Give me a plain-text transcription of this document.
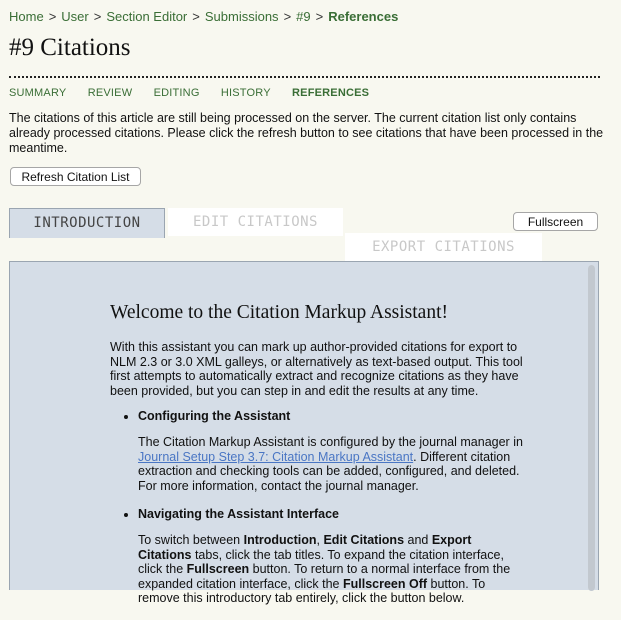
Home > User > Section Editor > Submissions > #9 > References
#9 Citations
SUMMARY REVIEW EDITING HISTORY REFERENCES

The citations of this article are still being processed on the server. The current citation list only contains already processed citations. Please click the refresh button to see citations that have been processed in the meantime.

Refresh Citation List
INTRODUCTION	EDIT CITATIONS
EXPORT CITATIONS
Fullscreen
Welcome to the Citation Markup Assistant!

With this assistant you can mark up author-provided citations for export to NLM 2.3 or 3.0 XML galleys, or alternatively as text-based output. This tool first attempts to automatically extract and recognize citations as they have been provided, but you can step in and edit the results at any time.

• Configuring the Assistant

The Citation Markup Assistant is configured by the journal manager in Journal Setup Step 3.7: Citation Markup Assistant. Different citation extraction and checking tools can be added, configured, and deleted. For more information, contact the journal manager.

• Navigating the Assistant Interface

To switch between Introduction, Edit Citations and Export Citations tabs, click the tab titles. To expand the citation interface, click the Fullscreen button. To return to a normal interface from the expanded citation interface, click the Fullscreen Off button. To remove this introductory tab entirely, click the button below.
